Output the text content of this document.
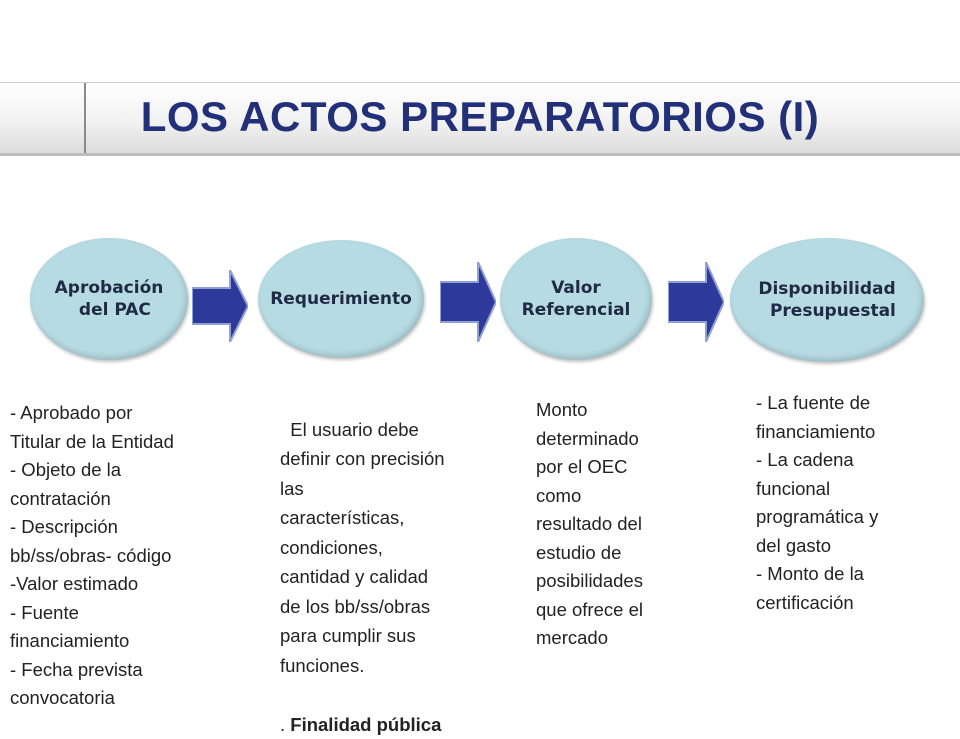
LOS ACTOS PREPARATORIOS (I)
Aprobación
del PAC
Requerimiento
Valor
Referencial
Disponibilidad
Presupuestal
- Aprobado por
Titular de la Entidad
- Objeto de la
contratación
- Descripción
bb/ss/obras- código
-Valor estimado
- Fuente
financiamiento
- Fecha prevista
convocatoria

El usuario debe
definir con precisión
las
características,
condiciones,
cantidad y calidad
de los bb/ss/obras
para cumplir sus
funciones.

. Finalidad pública

Monto
determinado
por el OEC
como
resultado del
estudio de
posibilidades
que ofrece el
mercado
- La fuente de
financiamiento
- La cadena
funcional
programática y
del gasto
- Monto de la
certificación
